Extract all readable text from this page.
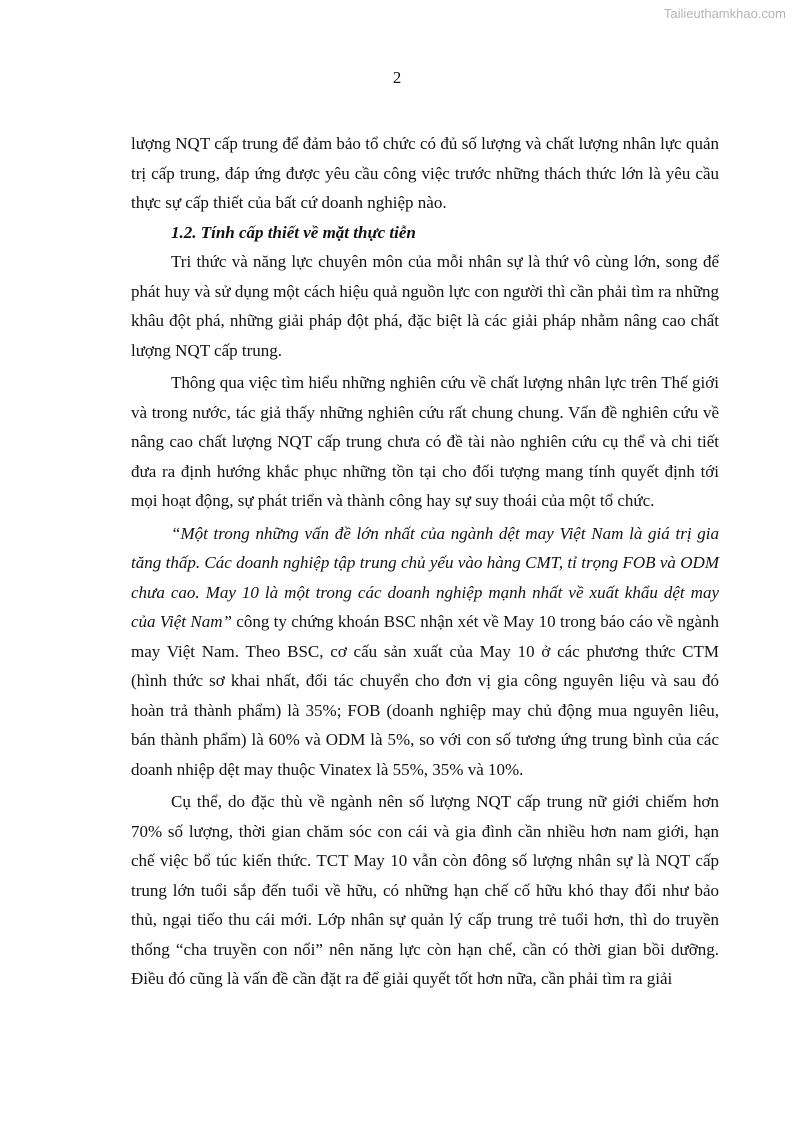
Tailieuthamkhao.com
2

lượng NQT cấp trung để đảm bảo tổ chức có đủ số lượng và chất lượng nhân lực quản trị cấp trung, đáp ứng được yêu cầu công việc trước những thách thức lớn là yêu cầu thực sự cấp thiết của bất cứ doanh nghiệp nào.

1.2. Tính cấp thiết về mặt thực tiễn

Tri thức và năng lực chuyên môn của mỗi nhân sự là thứ vô cùng lớn, song để phát huy và sử dụng một cách hiệu quả nguồn lực con người thì cần phải tìm ra những khâu đột phá, những giải pháp đột phá, đặc biệt là các giải pháp nhằm nâng cao chất lượng NQT cấp trung.

Thông qua việc tìm hiểu những nghiên cứu về chất lượng nhân lực trên Thế giới và trong nước, tác giả thấy những nghiên cứu rất chung chung. Vấn đề nghiên cứu về nâng cao chất lượng NQT cấp trung chưa có đề tài nào nghiên cứu cụ thể và chi tiết đưa ra định hướng khắc phục những tồn tại cho đối tượng mang tính quyết định tới mọi hoạt động, sự phát triển và thành công hay sự suy thoái của một tổ chức.

“Một trong những vấn đề lớn nhất của ngành dệt may Việt Nam là giá trị gia tăng thấp. Các doanh nghiệp tập trung chủ yếu vào hàng CMT, tỉ trọng FOB và ODM chưa cao. May 10 là một trong các doanh nghiệp mạnh nhất về xuất khẩu dệt may của Việt Nam” công ty chứng khoán BSC nhận xét về May 10 trong báo cáo về ngành may Việt Nam. Theo BSC, cơ cấu sản xuất của May 10 ở các phương thức CTM (hình thức sơ khai nhất, đối tác chuyển cho đơn vị gia công nguyên liệu và sau đó hoàn trả thành phẩm) là 35%; FOB (doanh nghiệp may chủ động mua nguyên liêu, bán thành phẩm) là 60% và ODM là 5%, so với con số tương ứng trung bình của các doanh nhiệp dệt may thuộc Vinatex là 55%, 35% và 10%.

Cụ thể, do đặc thù về ngành nên số lượng NQT cấp trung nữ giới chiếm hơn 70% số lượng, thời gian chăm sóc con cái và gia đình cần nhiều hơn nam giới, hạn chế việc bổ túc kiến thức. TCT May 10 vẫn còn đông số lượng nhân sự là NQT cấp trung lớn tuổi sắp đến tuổi về hữu, có những hạn chế cố hữu khó thay đổi như bảo thủ, ngại tiếo thu cái mới. Lớp nhân sự quản lý cấp trung trẻ tuổi hơn, thì do truyền thống “cha truyền con nối” nên năng lực còn hạn chế, cần có thời gian bồi dưỡng. Điều đó cũng là vấn đề cần đặt ra để giải quyết tốt hơn nữa, cần phải tìm ra giải
